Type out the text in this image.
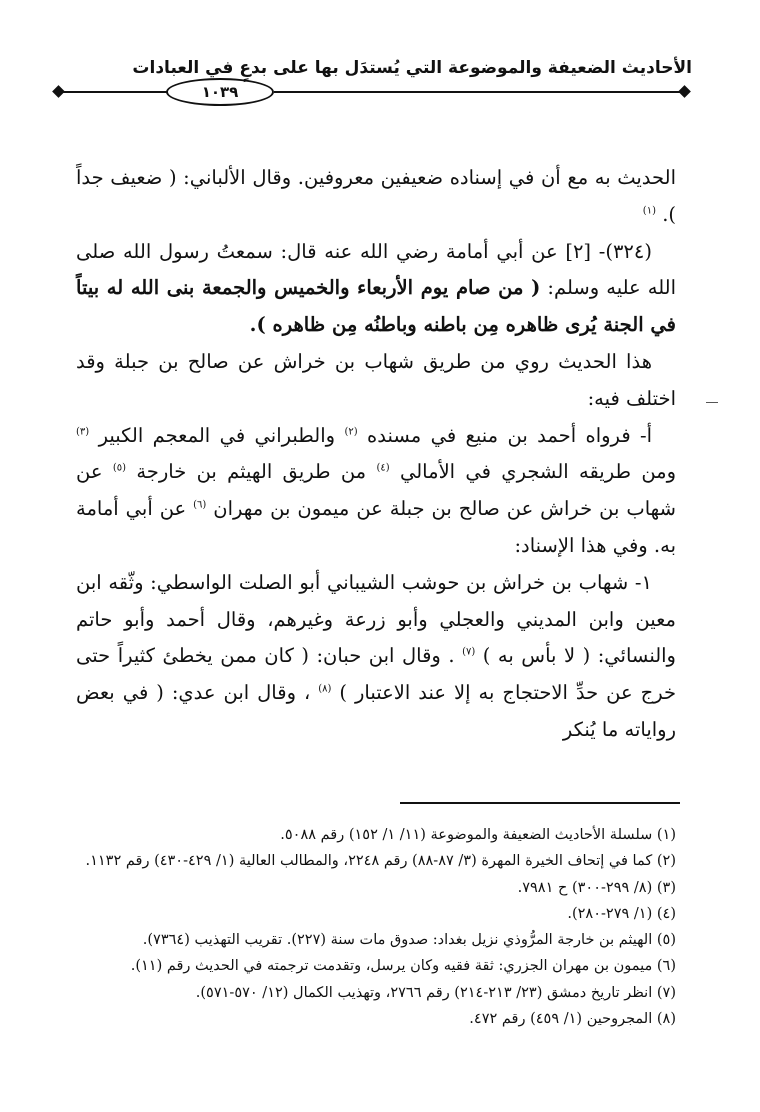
الأحاديث الضعيفة والموضوعة التي يُستدَل بها على بدعٍ في العبادات
١٠٣٩

الحديث به مع أن في إسناده ضعيفين معروفين. وقال الألباني: ( ضعيف جداً ). $^{(١)}$

(٣٢٤)- [٢] عن أبي أمامة رضي الله عنه قال: سمعتُ رسول الله صلى الله عليه وسلم: ( من صام يوم الأربعاء والخميس والجمعة بنى الله له بيتاً في الجنة يُرى ظاهره مِن باطنه وباطنُه مِن ظاهره ).

هذا الحديث روي من طريق شهاب بن خراش عن صالح بن جبلة وقد اختلف فيه:

أ- فرواه أحمد بن منيع في مسنده $^{(٢)}$ والطبراني في المعجم الكبير $^{(٣)}$ ومن طريقه الشجري في الأمالي $^{(٤)}$ من طريق الهيثم بن خارجة $^{(٥)}$ عن شهاب بن خراش عن صالح بن جبلة عن ميمون بن مهران $^{(٦)}$ عن أبي أمامة به. وفي هذا الإسناد:

١- شهاب بن خراش بن حوشب الشيباني أبو الصلت الواسطي: وثّقه ابن معين وابن المديني والعجلي وأبو زرعة وغيرهم، وقال أحمد وأبو حاتم والنسائي: ( لا بأس به ) $^{(٧)}$ . وقال ابن حبان: ( كان ممن يخطئ كثيراً حتى خرج عن حدِّ الاحتجاج به إلا عند الاعتبار ) $^{(٨)}$ ، وقال ابن عدي: ( في بعض رواياته ما يُنكر

(١) سلسلة الأحاديث الضعيفة والموضوعة (١١/ ١/ ١٥٢) رقم ٥٠٨٨.
(٢) كما في إتحاف الخيرة المهرة (٣/ ٨٧-٨٨) رقم ٢٢٤٨، والمطالب العالية (١/ ٤٢٩-٤٣٠) رقم ١١٣٢.
(٣) (٨/ ٢٩٩-٣٠٠) ح ٧٩٨١.
(٤) (١/ ٢٧٩-٢٨٠).
(٥) الهيثم بن خارجة المرُّوذي نزيل بغداد: صدوق مات سنة (٢٢٧). تقريب التهذيب (٧٣٦٤).
(٦) ميمون بن مهران الجزري: ثقة فقيه وكان يرسل، وتقدمت ترجمته في الحديث رقم (١١).
(٧) انظر تاريخ دمشق (٢٣/ ٢١٣-٢١٤) رقم ٢٧٦٦، وتهذيب الكمال (١٢/ ٥٧٠-٥٧١).
(٨) المجروحين (١/ ٤٥٩) رقم ٤٧٢.
